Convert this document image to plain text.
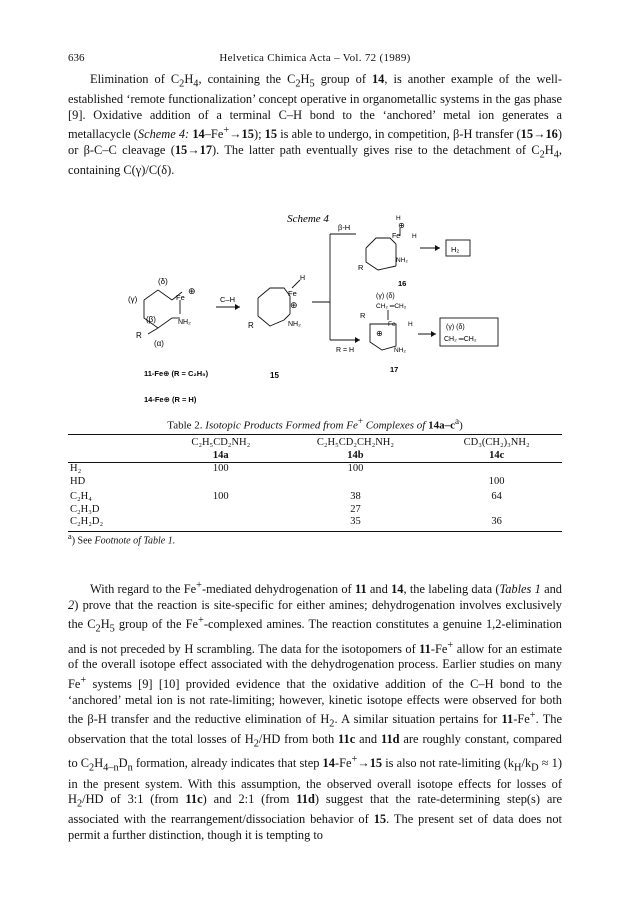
636	Helvetica Chimica Acta – Vol. 72 (1989)

Elimination of $C_2H_4$, containing the $C_2H_5$ group of 14, is another example of the well-established ‘remote functionalization’ concept operative in organometallic systems in the gas phase [9]. Oxidative addition of a terminal C–H bond to the ‘anchored’ metal ion generates a metallacycle (Scheme 4: 14–Fe+→15); 15 is able to undergo, in competition, β-H transfer (15→16) or β-C–C cleavage (15→17). The latter path eventually gives rise to the detachment of $C_2H_4$, containing C(γ)/C(δ).

Scheme 4
(δ)
(γ)
(β)
(α)
Fe
⊕
NH₂
R
11-Fe⊕ (R = C₂H₅)
14-Fe⊕ (R = H)
C–H
H
Fe
⊕
NH₂
R
15
β-H
R = H
H
⊕
Fe H
NH₂
R
16
H₂
(γ) (δ)
CH₂ ═CH₂
R
Fe H
⊕
NH₂
17
(γ) (δ)
CH₂ ═CH₂
Table 2. Isotopic Products Formed from Fe+ Complexes of $14a-c^a$)
	C₂H₅CD₂NH₂	C₂H₅CD₂CH₂NH₂	CD₃(CH₂)₃NH₂
	14a	14b	14c
H₂	100	100	
HD			100
C₂H₄	100	38	64
C₂H₃D		27	
C₂H₂D₂		35	36
$^a$) See Footnote of Table 1.

With regard to the Fe+-mediated dehydrogenation of 11 and 14, the labeling data (Tables 1 and 2) prove that the reaction is site-specific for either amines; dehydrogenation involves exclusively the $C_2H_5$ group of the Fe+-complexed amines. The reaction constitutes a genuine 1,2-elimination and is not preceded by H scrambling. The data for the isotopomers of 11-Fe+ allow for an estimate of the overall isotope effect associated with the dehydrogenation process. Earlier studies on many Fe+ systems [9] [10] provided evidence that the oxidative addition of the C–H bond to the ‘anchored’ metal ion is not rate-limiting; however, kinetic isotope effects were observed for both the β-H transfer and the reductive elimination of $H_2$. A similar situation pertains for 11-Fe+. The observation that the total losses of $H_2/HD$ from both 11c and 11d are roughly constant, compared to $C_2H_{4-n}D_n$ formation, already indicates that step 14-Fe+→15 is also not rate-limiting $(k_H/k_D \approx 1)$ in the present system. With this assumption, the observed overall isotope effects for losses of $H_2/HD$ of 3:1 (from 11c) and 2:1 (from 11d) suggest that the rate-determining step(s) are associated with the rearrangement/dissociation behavior of 15. The present set of data does not permit a further distinction, though it is tempting to
